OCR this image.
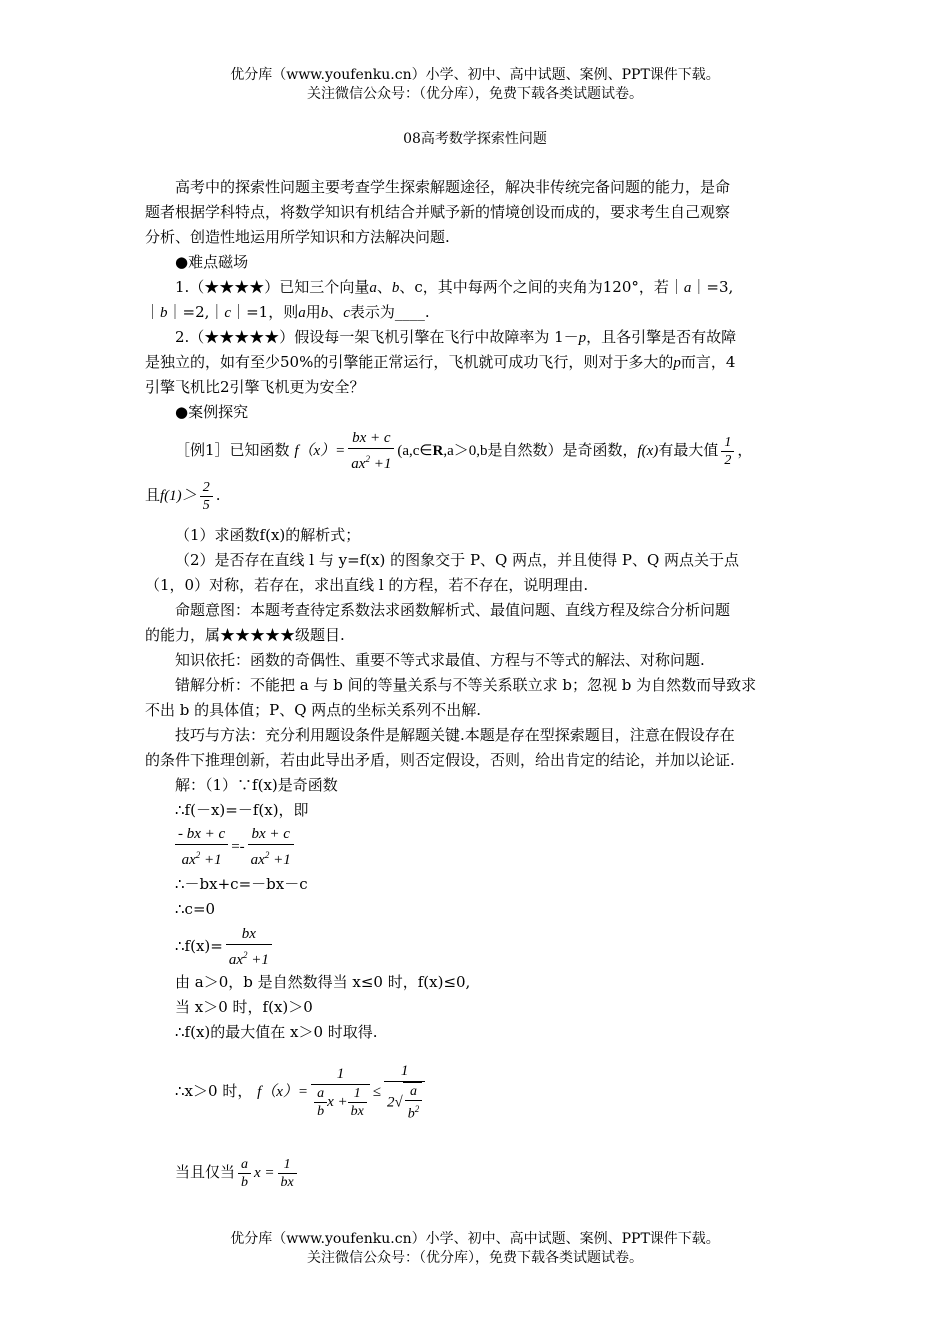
优分库（www.youfenku.cn）小学、初中、高中试题、案例、PPT课件下载。
关注微信公众号：（优分库），免费下载各类试题试卷。
08高考数学探索性问题
高考中的探索性问题主要考查学生探索解题途径，解决非传统完备问题的能力，是命
题者根据学科特点，将数学知识有机结合并赋予新的情境创设而成的，要求考生自己观察
分析、创造性地运用所学知识和方法解决问题.
●难点磁场
1.（★★★★）已知三个向量a、b、c，其中每两个之间的夹角为120°，若｜a｜=3,
｜b｜=2,｜c｜=1，则a用b、c表示为____.
2.（★★★★★）假设每一架飞机引擎在飞行中故障率为 1－p，且各引擎是否有故障
是独立的，如有至少50%的引擎能正常运行，飞机就可成功飞行，则对于多大的p而言，4
引擎飞机比2引擎飞机更为安全？
●案例探究
［例1］已知函数 $f(x)= \frac{bx + c}{ax^2 +1}$ (a,c∈R,a＞0,b是自然数）是奇函数，f(x)有最大值 $\frac{1}{2}$ ，
且$f(1)> \frac{2}{5}$ .
（1）求函数f(x)的解析式；
（2）是否存在直线 l 与 y=f(x) 的图象交于 P、Q 两点，并且使得 P、Q 两点关于点
（1，0）对称，若存在，求出直线 l 的方程，若不存在，说明理由.
命题意图：本题考查待定系数法求函数解析式、最值问题、直线方程及综合分析问题
的能力，属★★★★★级题目.
知识依托：函数的奇偶性、重要不等式求最值、方程与不等式的解法、对称问题.
错解分析：不能把 a 与 b 间的等量关系与不等关系联立求 b；忽视 b 为自然数而导致求
不出 b 的具体值；P、Q 两点的坐标关系列不出解.
技巧与方法：充分利用题设条件是解题关键.本题是存在型探索题目，注意在假设存在
的条件下推理创新，若由此导出矛盾，则否定假设，否则，给出肯定的结论，并加以论证.
解：（1）∵f(x)是奇函数
∴f(－x)=－f(x)，即
$\frac{- bx + c}{ax^2 +1} =- \frac{bx + c}{ax^2 +1}$
∴－bx+c=－bx－c
∴c=0
∴f(x)= $\frac{bx}{ax^2 +1}$
由 a＞0，b 是自然数得当 x≤0 时，f(x)≤0,
当 x＞0 时，f(x)＞0
∴f(x)的最大值在 x＞0 时取得.
∴x＞0 时， $f(x)= \frac{1}{\frac{a}{b} x + \frac{1}{bx}} \le \frac{1}{2√ \frac{a}{b^2}}$
当且仅当 $\frac{a}{b}$ $x = \frac{1}{bx}$
优分库（www.youfenku.cn）小学、初中、高中试题、案例、PPT课件下载。
关注微信公众号：（优分库），免费下载各类试题试卷。
